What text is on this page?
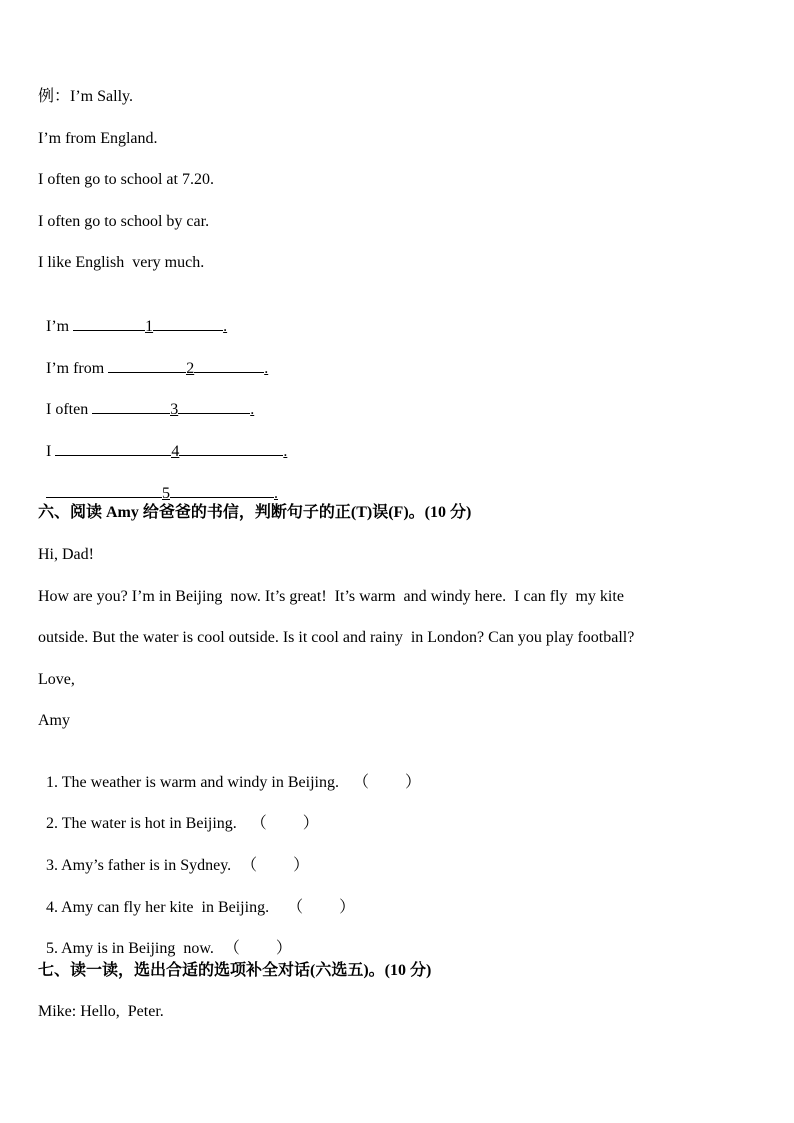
例：I’m Sally.
I’m from England.
I often go to school at 7.20.
I often go to school by car.
I like English  very much.

I’m	1	.

I’m from	2	.

I often	3	.

I	4	.

5	.

六、阅读 Amy 给爸爸的书信，判断句子的正(T)误(F)。(10 分)
Hi, Dad!
How are you? I’m in Beijing  now. It’s great!  It’s warm  and windy here.  I can fly  my kite
outside. But the water is cool outside. Is it cool and rainy  in London? Can you play football?
Love,
Amy

1. The weather is warm and windy in Beijing. （         ）

2. The water is hot in Beijing. （         ）

3. Amy’s father is in Sydney. （         ）

4. Amy can fly her kite  in Beijing. （         ）

5. Amy is in Beijing  now. （         ）

七、读一读，选出合适的选项补全对话(六选五)。(10 分)
Mike: Hello,  Peter.
